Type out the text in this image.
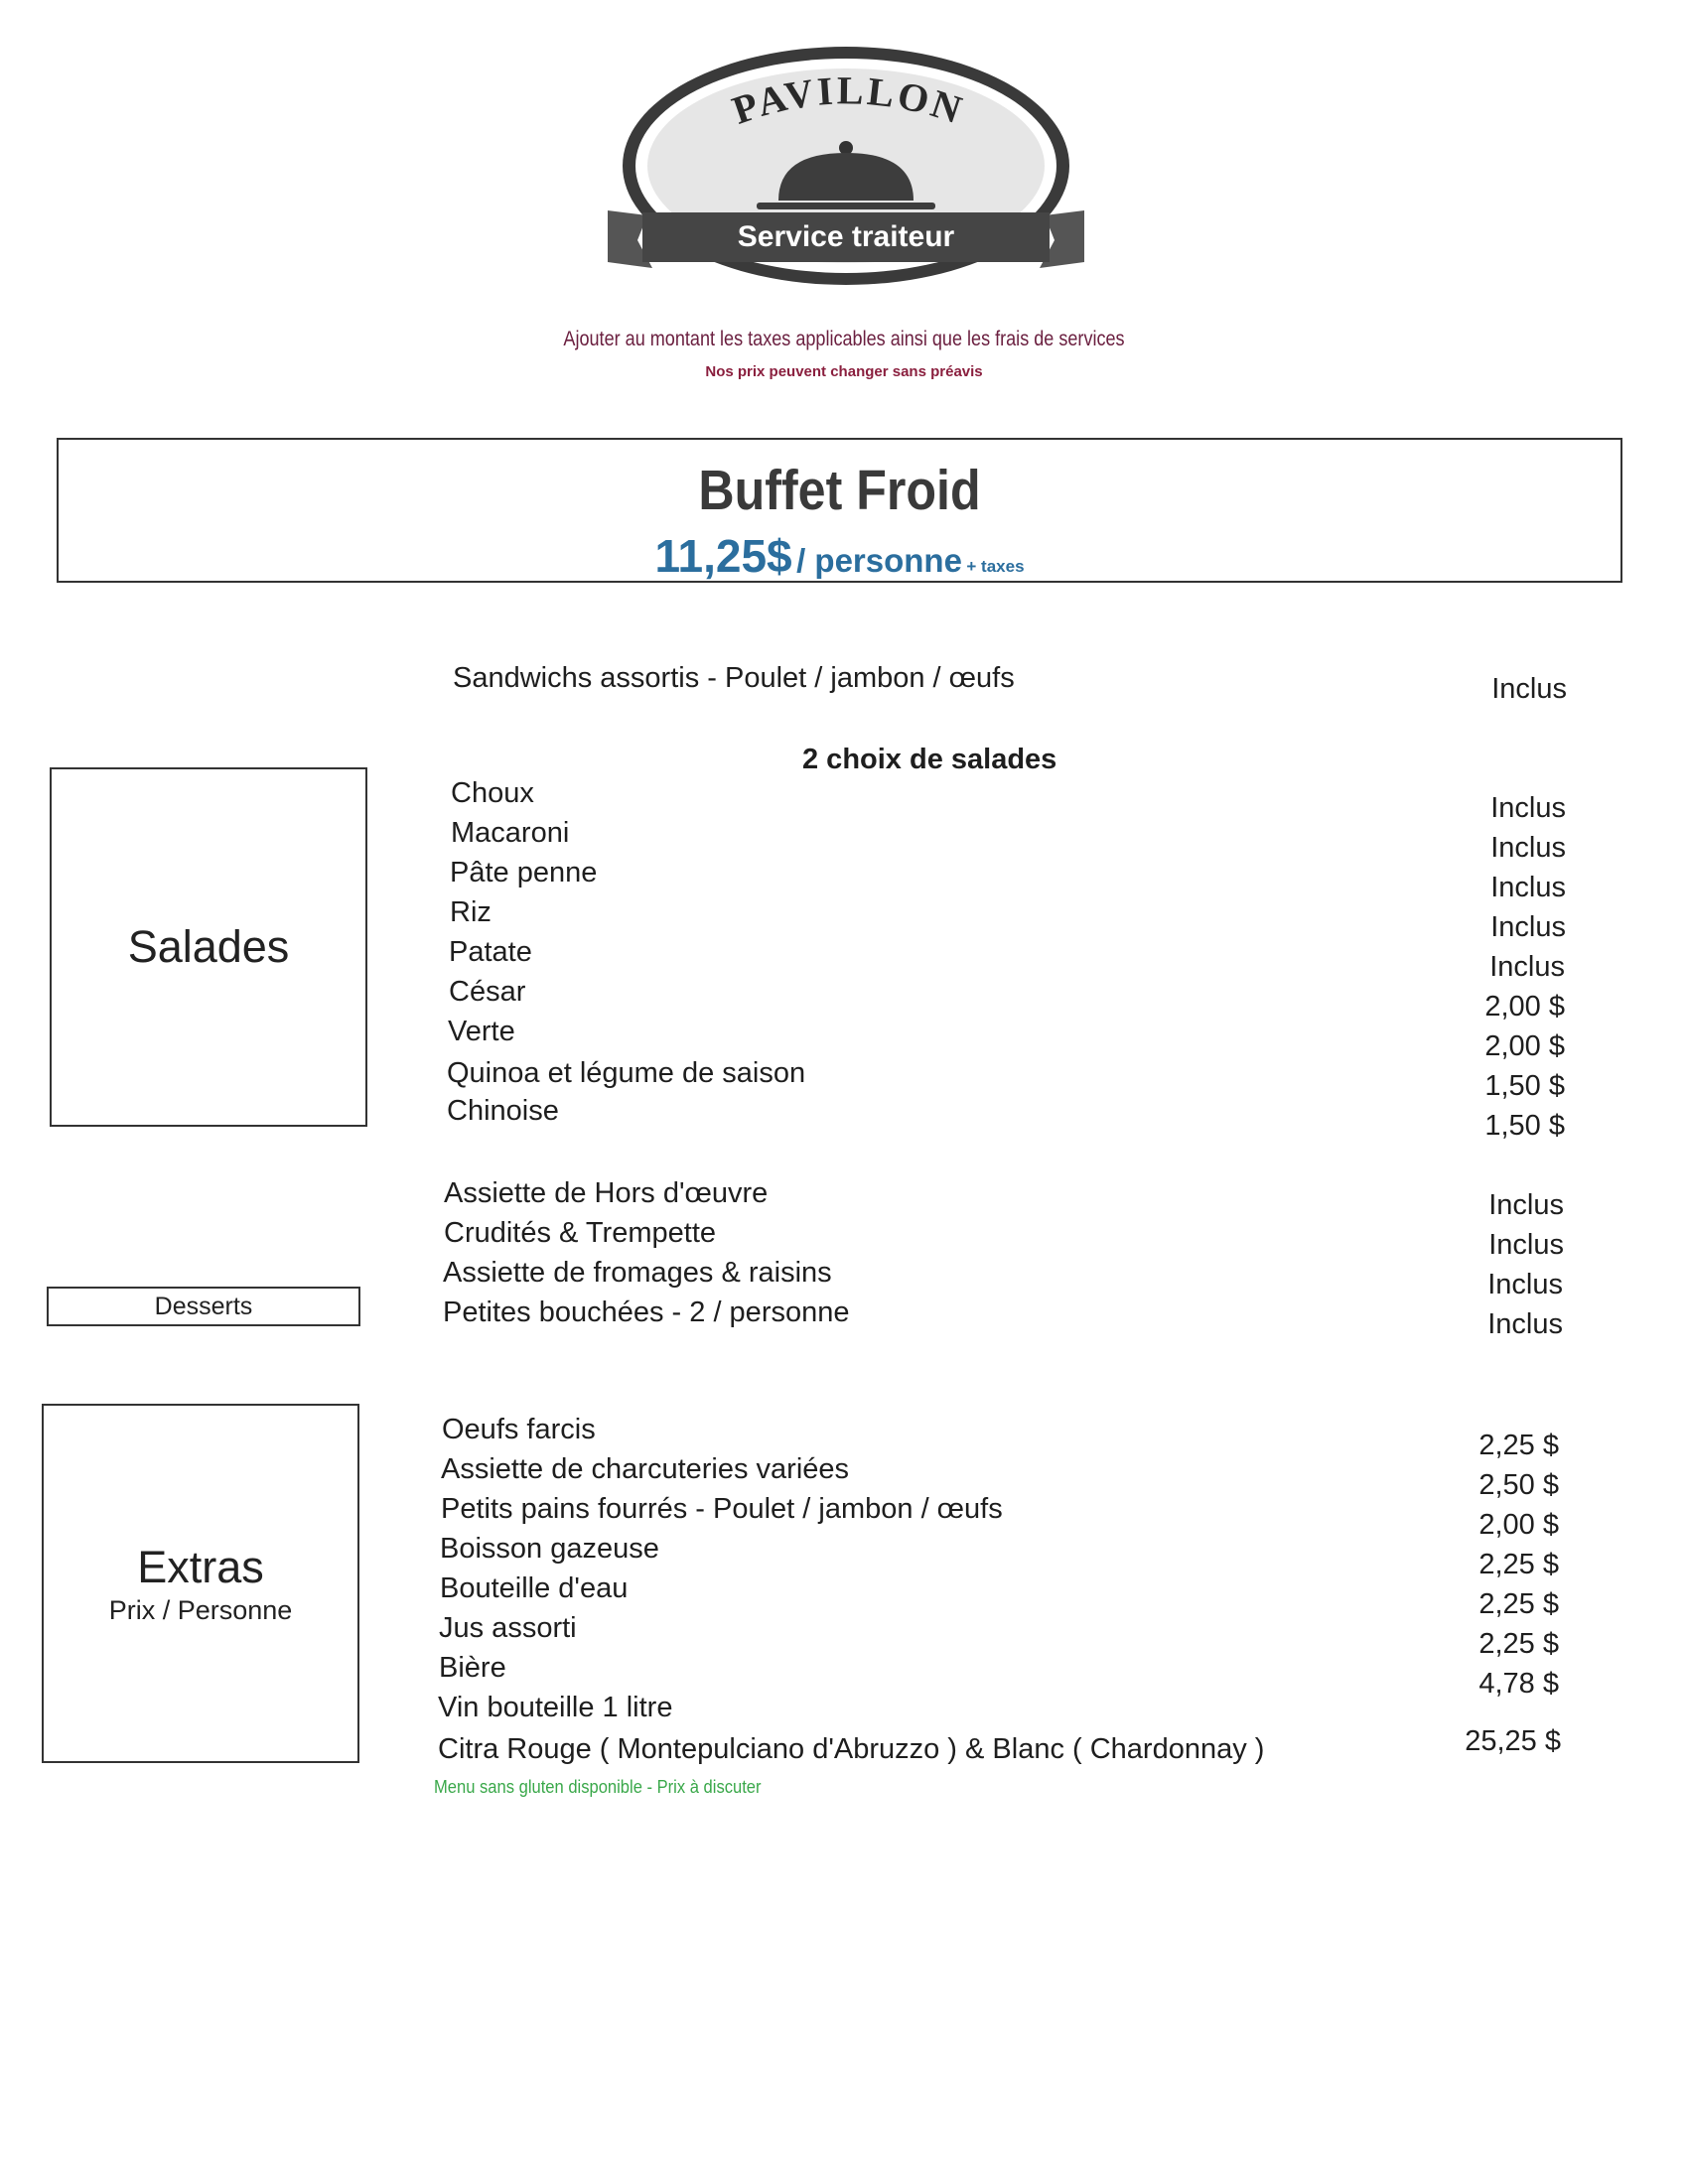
PAVILLON
Service traiteur
Ajouter au montant les taxes applicables ainsi que les frais de services
Nos prix peuvent changer sans préavis
Buffet Froid
11,25$ / personne + taxes
Sandwichs assortis - Poulet / jambon / œufs	Inclus
Salades
2 choix de salades
Choux
Macaroni
Pâte penne
Riz
Patate
César
Verte
Quinoa et légume de saison
Chinoise
Inclus
Inclus
Inclus
Inclus
Inclus
2,00 $
2,00 $
1,50 $
1,50 $
Desserts
Assiette de Hors d'œuvre
Crudités & Trempette
Assiette de fromages & raisins
Petites bouchées - 2 / personne
Inclus
Inclus
Inclus
Inclus
Extras
Prix / Personne
Oeufs farcis
Assiette de charcuteries variées
Petits pains fourrés - Poulet / jambon / œufs
Boisson gazeuse
Bouteille d'eau
Jus assorti
Bière
Vin bouteille 1 litre
Citra Rouge ( Montepulciano d'Abruzzo ) & Blanc ( Chardonnay )
2,25 $
2,50 $
2,00 $
2,25 $
2,25 $
2,25 $
4,78 $
25,25 $
Menu sans gluten disponible - Prix à discuter
